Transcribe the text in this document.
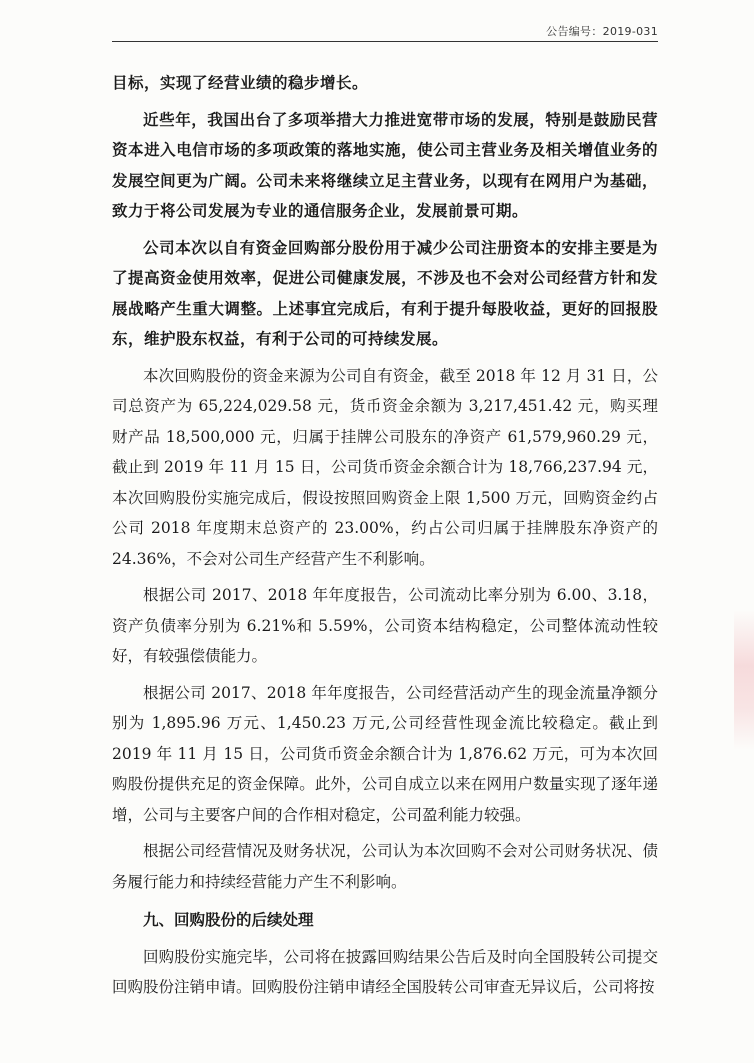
公告编号：2019-031

目标，实现了经营业绩的稳步增长。

近些年，我国出台了多项举措大力推进宽带市场的发展，特别是鼓励民营资本进入电信市场的多项政策的落地实施，使公司主营业务及相关增值业务的发展空间更为广阔。公司未来将继续立足主营业务，以现有在网用户为基础，致力于将公司发展为专业的通信服务企业，发展前景可期。

公司本次以自有资金回购部分股份用于减少公司注册资本的安排主要是为了提高资金使用效率，促进公司健康发展，不涉及也不会对公司经营方针和发展战略产生重大调整。上述事宜完成后，有利于提升每股收益，更好的回报股东，维护股东权益，有利于公司的可持续发展。

本次回购股份的资金来源为公司自有资金，截至 2018 年 12 月 31 日，公司总资产为 65,224,029.58 元，货币资金余额为 3,217,451.42 元，购买理财产品 18,500,000 元，归属于挂牌公司股东的净资产 61,579,960.29 元，截止到 2019 年 11 月 15 日，公司货币资金余额合计为 18,766,237.94 元，本次回购股份实施完成后，假设按照回购资金上限 1,500 万元，回购资金约占公司 2018 年度期末总资产的 23.00%，约占公司归属于挂牌股东净资产的 24.36%，不会对公司生产经营产生不利影响。

根据公司 2017、2018 年年度报告，公司流动比率分别为 6.00、3.18，资产负债率分别为 6.21%和 5.59%，公司资本结构稳定，公司整体流动性较好，有较强偿债能力。

根据公司 2017、2018 年年度报告，公司经营活动产生的现金流量净额分别为 1,895.96 万元、1,450.23 万元,公司经营性现金流比较稳定。截止到 2019 年 11 月 15 日，公司货币资金余额合计为 1,876.62 万元，可为本次回购股份提供充足的资金保障。此外，公司自成立以来在网用户数量实现了逐年递增，公司与主要客户间的合作相对稳定，公司盈利能力较强。

根据公司经营情况及财务状况，公司认为本次回购不会对公司财务状况、债务履行能力和持续经营能力产生不利影响。

九、回购股份的后续处理

回购股份实施完毕，公司将在披露回购结果公告后及时向全国股转公司提交回购股份注销申请。回购股份注销申请经全国股转公司审查无异议后，公司将按
